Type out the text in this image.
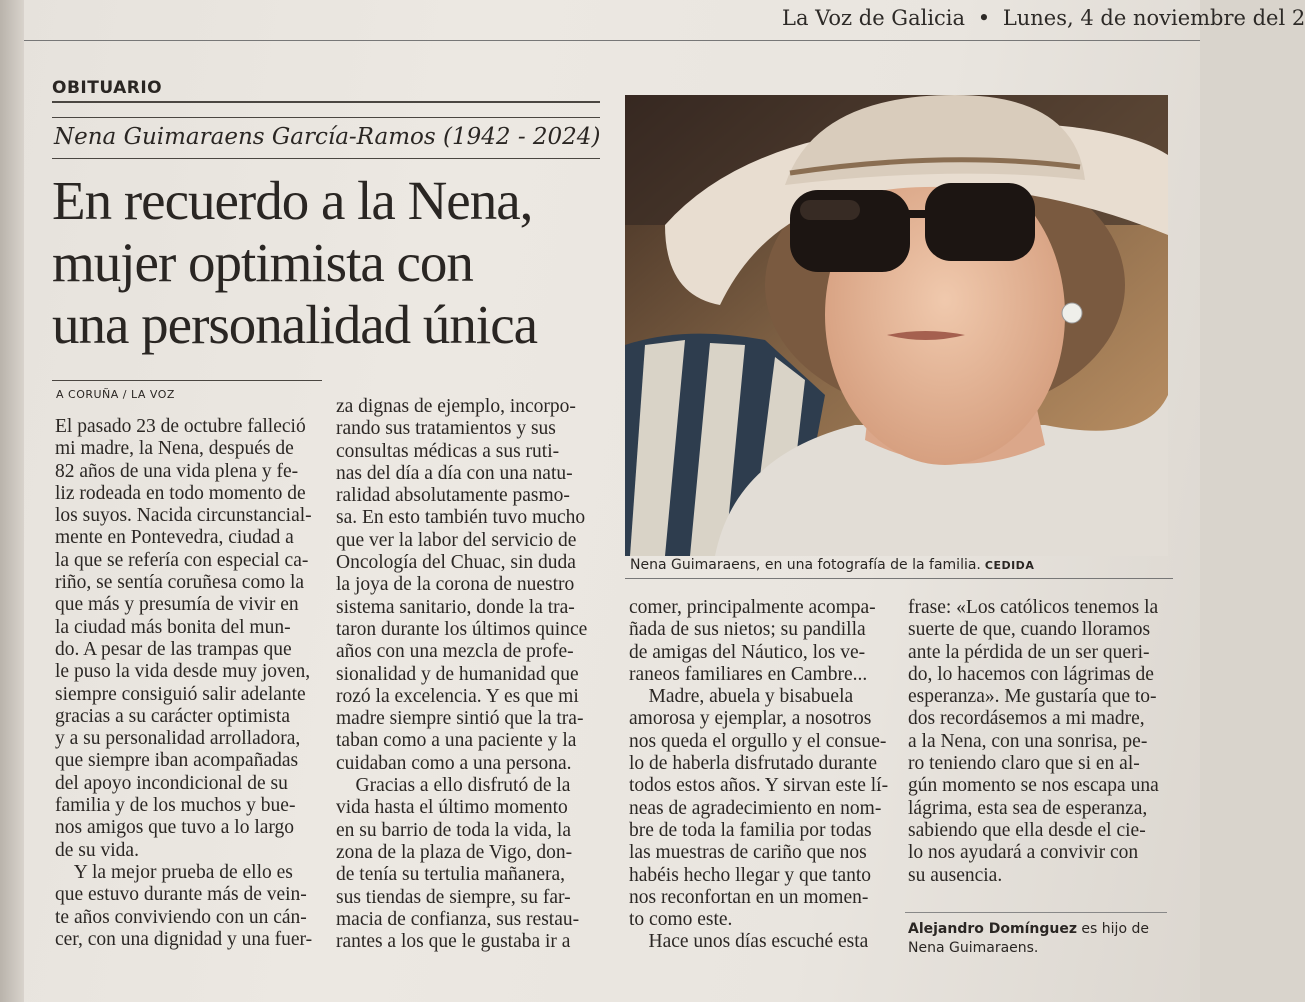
La Voz de Galicia • Lunes, 4 de noviembre del 2
OBITUARIO
Nena Guimaraens García-Ramos (1942 - 2024)
En recuerdo a la Nena,
mujer optimista con
una personalidad única
Nena Guimaraens, en una fotografía de la familia. CEDIDA
A CORUÑA / LA VOZ
El pasado 23 de octubre falleció
mi madre, la Nena, después de
82 años de una vida plena y fe-
liz rodeada en todo momento de
los suyos. Nacida circunstancial-
mente en Pontevedra, ciudad a
la que se refería con especial ca-
riño, se sentía coruñesa como la
que más y presumía de vivir en
la ciudad más bonita del mun-
do. A pesar de las trampas que
le puso la vida desde muy joven,
siempre consiguió salir adelante
gracias a su carácter optimista
y a su personalidad arrolladora,
que siempre iban acompañadas
del apoyo incondicional de su
familia y de los muchos y bue-
nos amigos que tuvo a lo largo
de su vida.
Y la mejor prueba de ello es
que estuvo durante más de vein-
te años conviviendo con un cán-
cer, con una dignidad y una fuer-
za dignas de ejemplo, incorpo-
rando sus tratamientos y sus
consultas médicas a sus ruti-
nas del día a día con una natu-
ralidad absolutamente pasmo-
sa. En esto también tuvo mucho
que ver la labor del servicio de
Oncología del Chuac, sin duda
la joya de la corona de nuestro
sistema sanitario, donde la tra-
taron durante los últimos quince
años con una mezcla de profe-
sionalidad y de humanidad que
rozó la excelencia. Y es que mi
madre siempre sintió que la tra-
taban como a una paciente y la
cuidaban como a una persona.
Gracias a ello disfrutó de la
vida hasta el último momento
en su barrio de toda la vida, la
zona de la plaza de Vigo, don-
de tenía su tertulia mañanera,
sus tiendas de siempre, su far-
macia de confianza, sus restau-
rantes a los que le gustaba ir a
comer, principalmente acompa-
ñada de sus nietos; su pandilla
de amigas del Náutico, los ve-
raneos familiares en Cambre...
Madre, abuela y bisabuela
amorosa y ejemplar, a nosotros
nos queda el orgullo y el consue-
lo de haberla disfrutado durante
todos estos años. Y sirvan este lí-
neas de agradecimiento en nom-
bre de toda la familia por todas
las muestras de cariño que nos
habéis hecho llegar y que tanto
nos reconfortan en un momen-
to como este.
Hace unos días escuché esta
frase: «Los católicos tenemos la
suerte de que, cuando lloramos
ante la pérdida de un ser queri-
do, lo hacemos con lágrimas de
esperanza». Me gustaría que to-
dos recordásemos a mi madre,
a la Nena, con una sonrisa, pe-
ro teniendo claro que si en al-
gún momento se nos escapa una
lágrima, esta sea de esperanza,
sabiendo que ella desde el cie-
lo nos ayudará a convivir con
su ausencia.
Alejandro Domínguez es hijo de
Nena Guimaraens.
